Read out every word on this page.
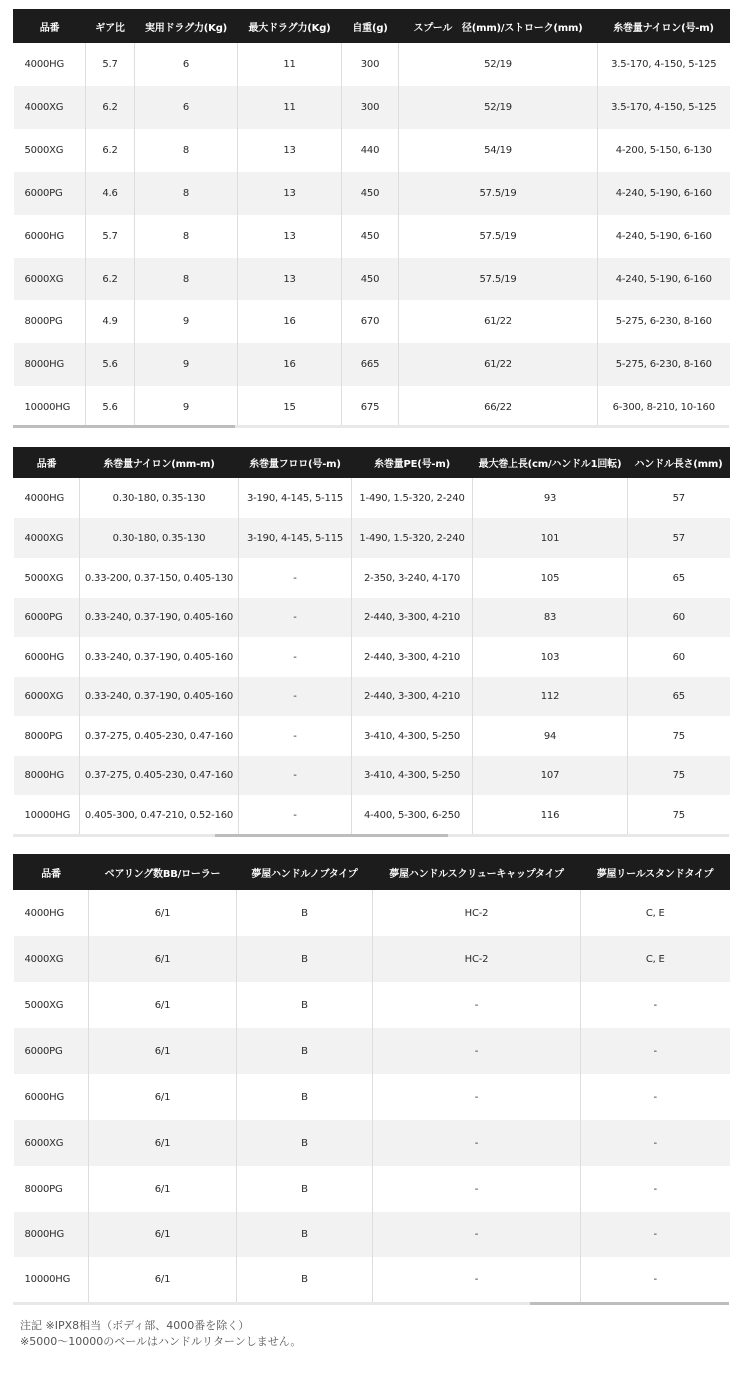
品番	ギア比	実用ドラグ力(Kg)	最大ドラグ力(Kg)	自重(g)	スプール　径(mm)/ストローク(mm)	糸巻量ナイロン(号-m)
4000HG	5.7	6	11	300	52/19	3.5-170, 4-150, 5-125
4000XG	6.2	6	11	300	52/19	3.5-170, 4-150, 5-125
5000XG	6.2	8	13	440	54/19	4-200, 5-150, 6-130
6000PG	4.6	8	13	450	57.5/19	4-240, 5-190, 6-160
6000HG	5.7	8	13	450	57.5/19	4-240, 5-190, 6-160
6000XG	6.2	8	13	450	57.5/19	4-240, 5-190, 6-160
8000PG	4.9	9	16	670	61/22	5-275, 6-230, 8-160
8000HG	5.6	9	16	665	61/22	5-275, 6-230, 8-160
10000HG	5.6	9	15	675	66/22	6-300, 8-210, 10-160
品番	糸巻量ナイロン(mm-m)	糸巻量フロロ(号-m)	糸巻量PE(号-m)	最大巻上長(cm/ハンドル1回転)	ハンドル長さ(mm)
4000HG	0.30-180, 0.35-130	3-190, 4-145, 5-115	1-490, 1.5-320, 2-240	93	57
4000XG	0.30-180, 0.35-130	3-190, 4-145, 5-115	1-490, 1.5-320, 2-240	101	57
5000XG	0.33-200, 0.37-150, 0.405-130	-	2-350, 3-240, 4-170	105	65
6000PG	0.33-240, 0.37-190, 0.405-160	-	2-440, 3-300, 4-210	83	60
6000HG	0.33-240, 0.37-190, 0.405-160	-	2-440, 3-300, 4-210	103	60
6000XG	0.33-240, 0.37-190, 0.405-160	-	2-440, 3-300, 4-210	112	65
8000PG	0.37-275, 0.405-230, 0.47-160	-	3-410, 4-300, 5-250	94	75
8000HG	0.37-275, 0.405-230, 0.47-160	-	3-410, 4-300, 5-250	107	75
10000HG	0.405-300, 0.47-210, 0.52-160	-	4-400, 5-300, 6-250	116	75
品番	ベアリング数BB/ローラー	夢屋ハンドルノブタイプ	夢屋ハンドルスクリューキャップタイプ	夢屋リールスタンドタイプ
4000HG	6/1	B	HC-2	C, E
4000XG	6/1	B	HC-2	C, E
5000XG	6/1	B	-	-
6000PG	6/1	B	-	-
6000HG	6/1	B	-	-
6000XG	6/1	B	-	-
8000PG	6/1	B	-	-
8000HG	6/1	B	-	-
10000HG	6/1	B	-	-
注記 ※IPX8相当（ボディ部、4000番を除く）
※5000〜10000のベールはハンドルリターンしません。
